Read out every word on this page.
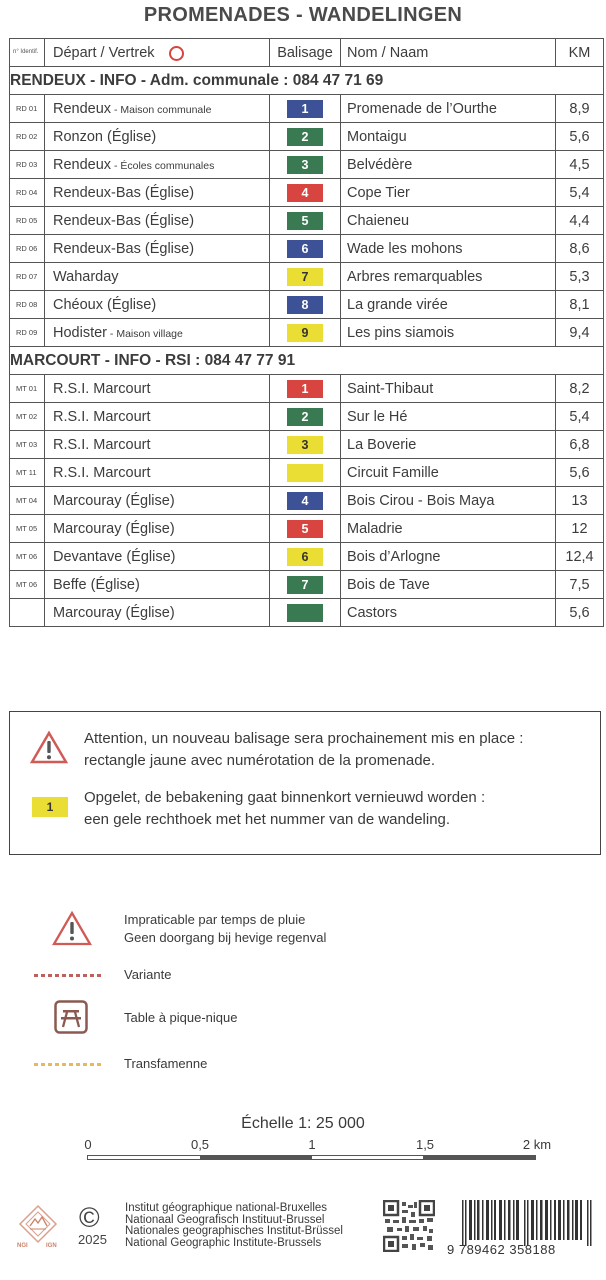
PROMENADES - WANDELINGEN
n° Identif.	Départ / Vertrek	Balisage	Nom / Naam	KM
RENDEUX - INFO - Adm. communale : 084 47 71 69				
RD 01	Rendeux - Maison communale	1	Promenade de l’Ourthe	8,9
RD 02	Ronzon (Église)	2	Montaigu	5,6
RD 03	Rendeux - Écoles communales	3	Belvédère	4,5
RD 04	Rendeux-Bas (Église)	4	Cope Tier	5,4
RD 05	Rendeux-Bas (Église)	5	Chaieneu	4,4
RD 06	Rendeux-Bas (Église)	6	Wade les mohons	8,6
RD 07	Waharday	7	Arbres remarquables	5,3
RD 08	Chéoux (Église)	8	La grande virée	8,1
RD 09	Hodister - Maison village	9	Les pins siamois	9,4
MARCOURT - INFO - RSI : 084 47 77 91				
MT 01	R.S.I. Marcourt	1	Saint-Thibaut	8,2
MT 02	R.S.I. Marcourt	2	Sur le Hé	5,4
MT 03	R.S.I. Marcourt	3	La Boverie	6,8
MT 11	R.S.I. Marcourt		Circuit Famille	5,6
MT 04	Marcouray (Église)	4	Bois Cirou - Bois Maya	13
MT 05	Marcouray (Église)	5	Maladrie	12
MT 06	Devantave (Église)	6	Bois d’Arlogne	12,4
MT 06	Beffe (Église)	7	Bois de Tave	7,5
	Marcouray (Église)		Castors	5,6
Attention, un nouveau balisage sera prochainement mis en place :
rectangle jaune avec numérotation de la promenade.
1
Opgelet, de bebakening gaat binnenkort vernieuwd worden :
een gele rechthoek met het nummer van de wandeling.
Impraticable par temps de pluie
Geen doorgang bij hevige regenval
Variante
Table à pique-nique
Transfamenne
Échelle 1: 25 000
0	0,5	1	1,5	2 km
NGI	IGN
©
2025
Institut géographique national-Bruxelles
Nationaal Geografisch Instituut-Brussel
Nationales geographisches Institut-Brüssel
National Geographic Institute-Brussels	9 789462 358188
